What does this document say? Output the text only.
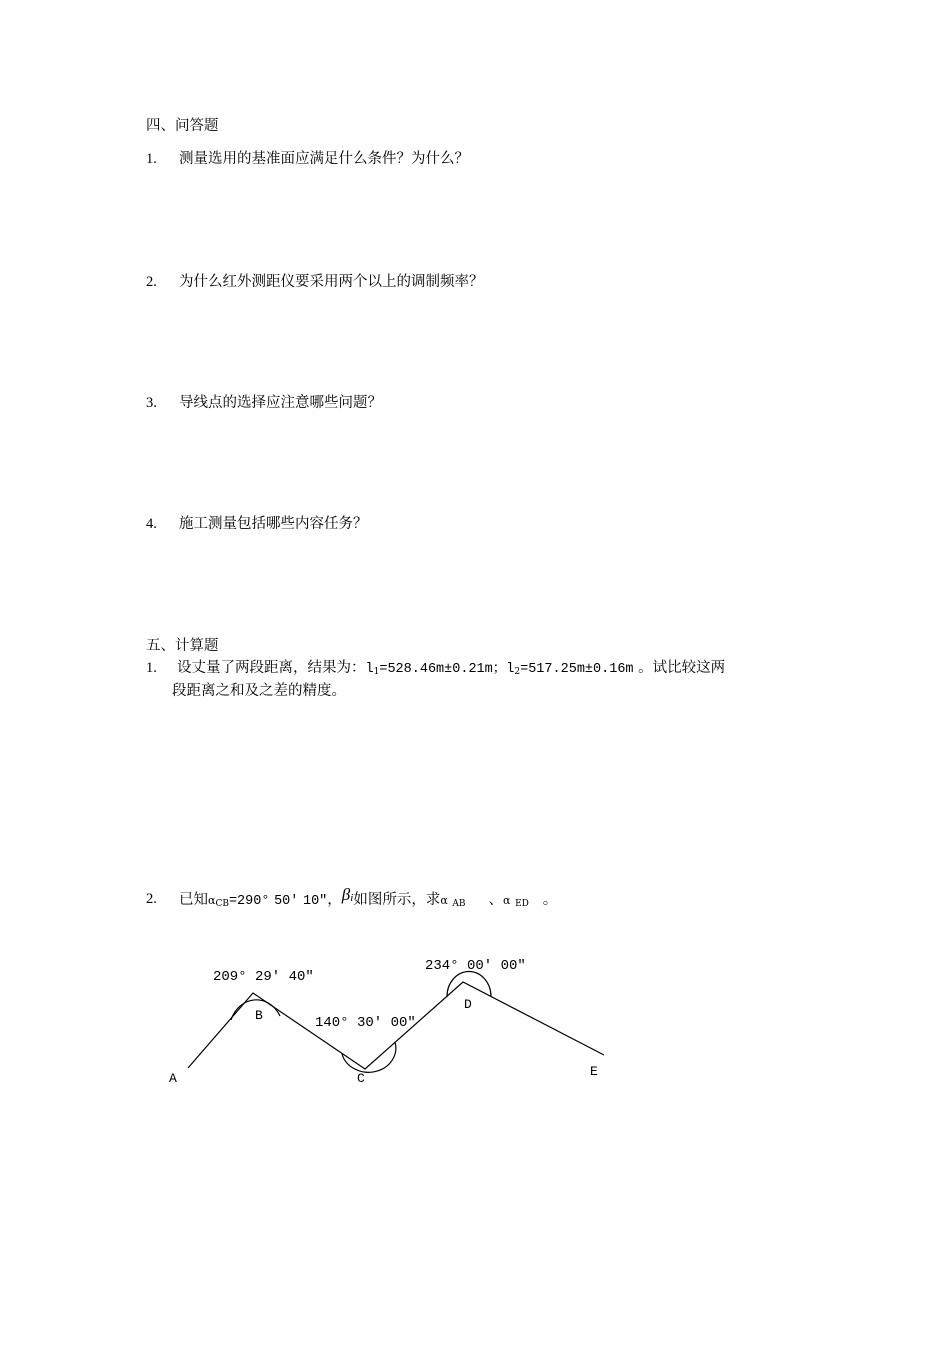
四、问答题
1. 测量选用的基准面应满足什么条件？为什么？
2. 为什么红外测距仪要采用两个以上的调制频率？
3. 导线点的选择应注意哪些问题？
4. 施工测量包括哪些内容任务？
五、计算题
1. 设丈量了两段距离，结果为：$l_1=528.46m\pm 0.21m$；$l_2=517.25m\pm 0.16m$ 。试比较这两
段距离之和及之差的精度。
2. 已知$\alpha_{CB}=290^\circ$ 50′ 10″，$\beta^i$如图所示，求α $_{AB}$ 、α $_{ED}$ 。
A
B
C
D
E
209° 29′ 40″
140° 30′ 00″
234° 00′ 00″
